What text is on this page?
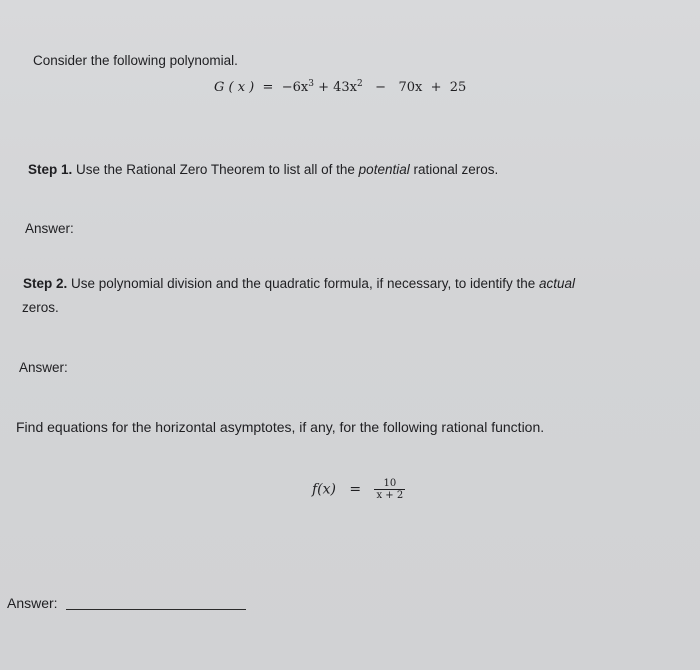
Consider the following polynomial.
G ( x ) = $-6x^3 + 43x^2 - 70x + 25$
Step 1. Use the Rational Zero Theorem to list all of the potential rational zeros.
Answer:
Step 2. Use polynomial division and the quadratic formula, if necessary, to identify the actual
zeros.
Answer:
Find equations for the horizontal asymptotes, if any, for the following rational function.
$f(x) = \frac{10}{x + 2}$
Answer:
